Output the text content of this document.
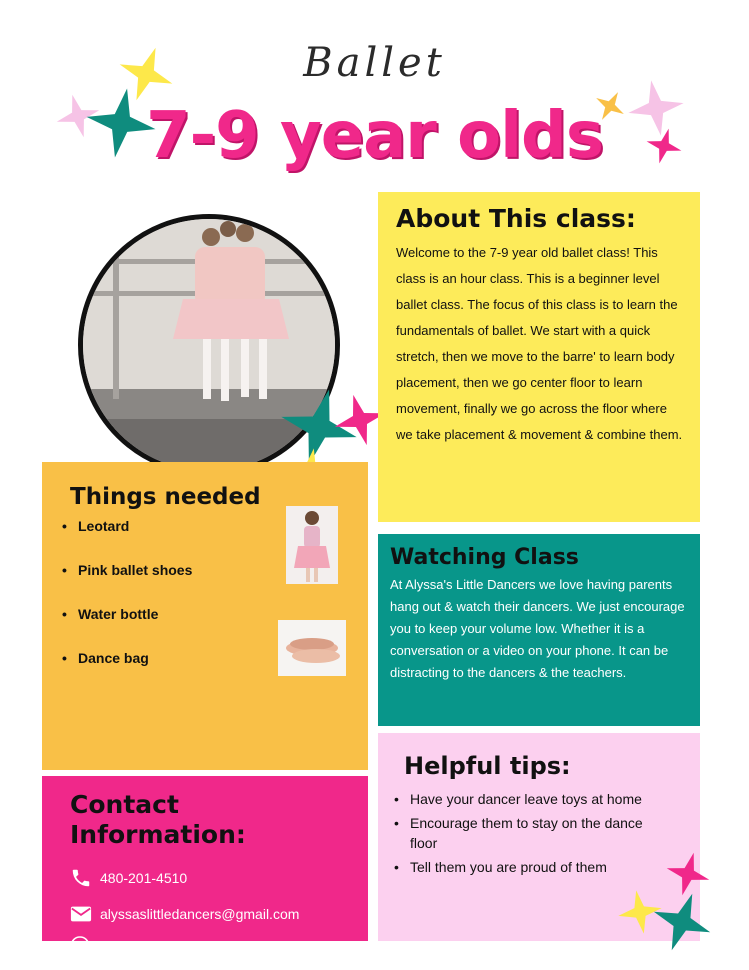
Ballet
7-9 year olds
About This class:
Welcome to the 7-9 year old ballet class! This class is an hour class. This is a beginner level ballet class. The focus of this class is to learn the fundamentals of ballet. We start with a quick stretch, then we move to the barre' to learn body placement, then we go center floor to learn movement, finally we go across the floor where we take placement & movement & combine them.
Watching Class
At Alyssa's Little Dancers we love having parents hang out & watch their dancers. We just encourage you to keep your volume low. Whether it is a conversation or a video on your phone. It can be distracting to the dancers & the teachers.
Things needed
• Leotard
• Pink ballet shoes
• Water bottle
• Dance bag
Helpful tips:
• Have your dancer leave toys at home
• Encourage them to stay on the dance floor
• Tell them you are proud of them
Contact Information:
480-201-4510
alyssaslittledancers@gmail.com
41327 W. Little Dr.
